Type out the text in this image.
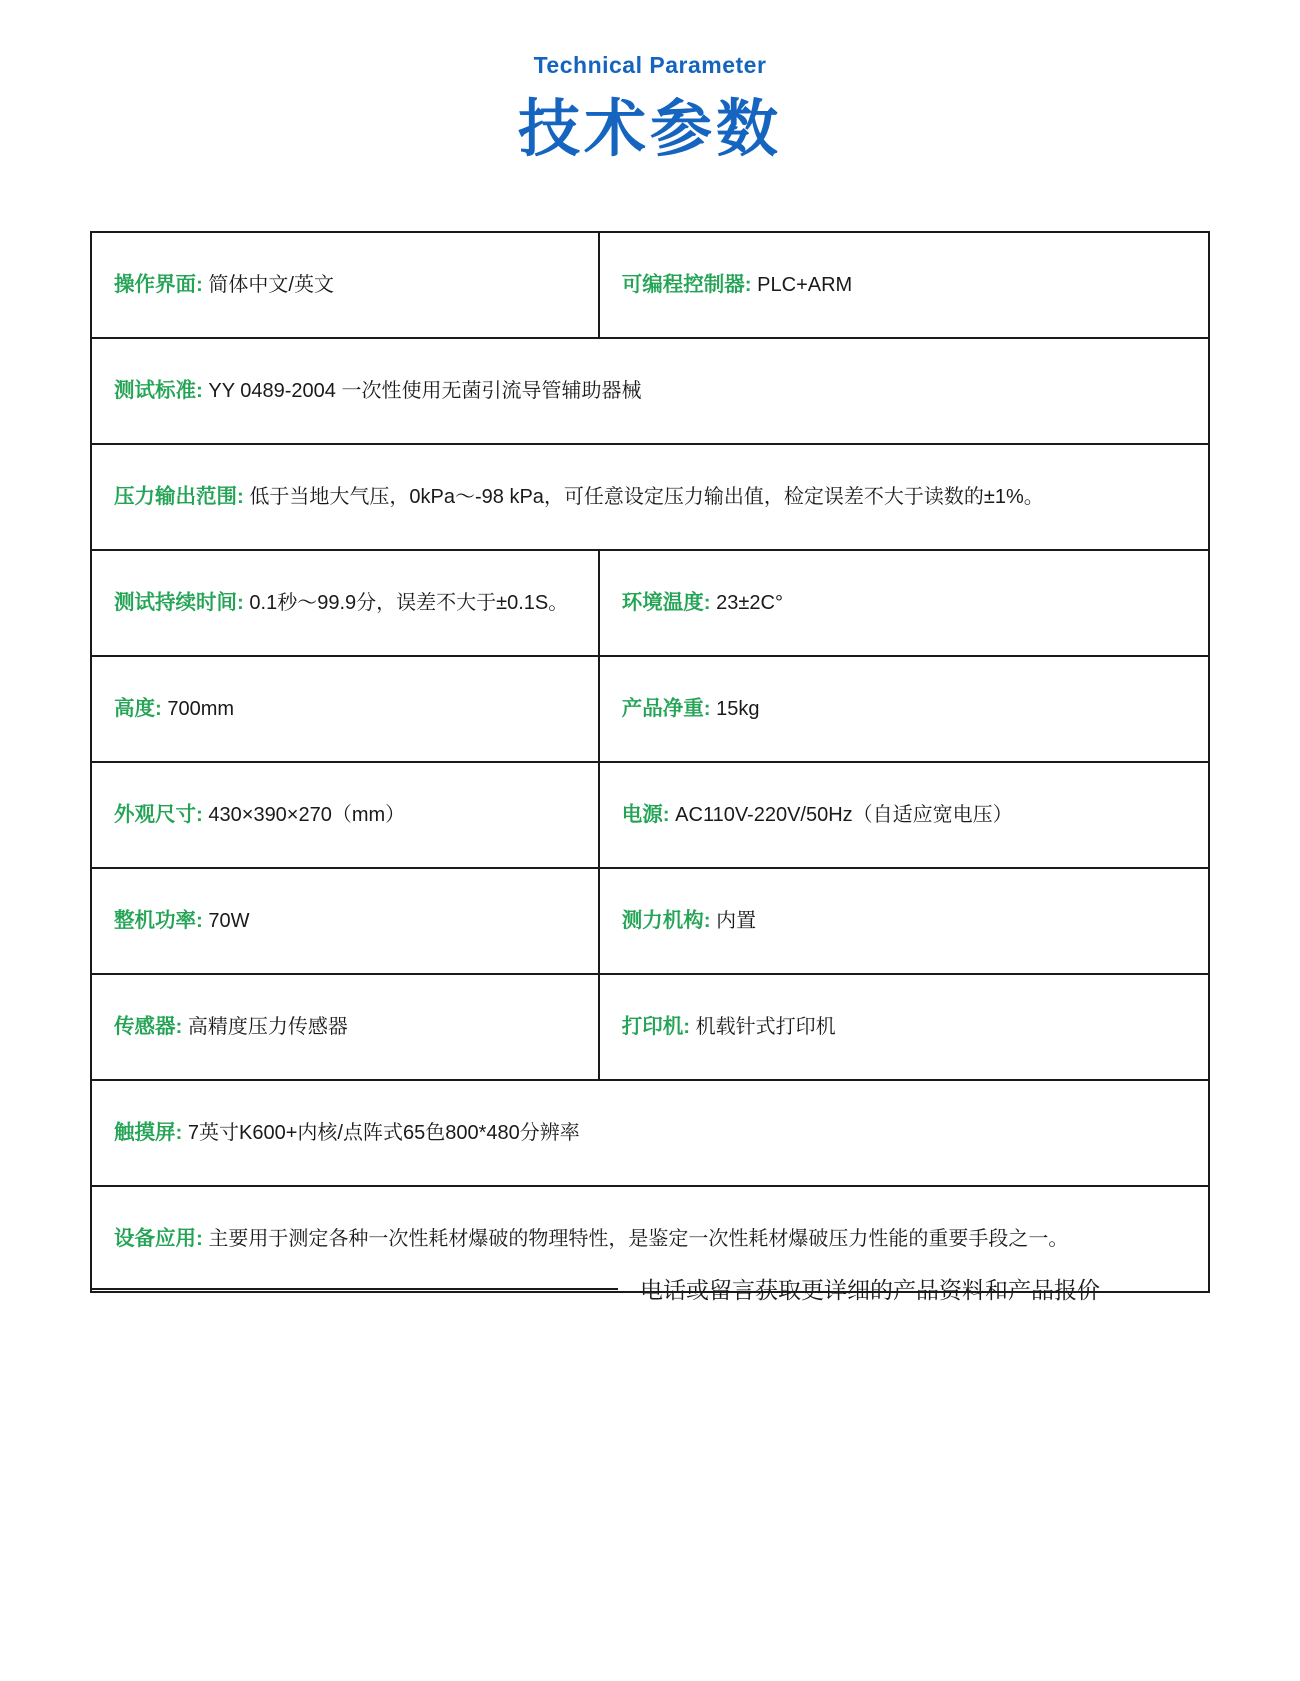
Technical Parameter
技术参数
操作界面: 简体中文/英文	可编程控制器: PLC+ARM
测试标准: YY 0489-2004 一次性使用无菌引流导管辅助器械
压力输出范围: 低于当地大气压，0kPa～-98 kPa，可任意设定压力输出值，检定误差不大于读数的±1%。
测试持续时间: 0.1秒～99.9分，误差不大于±0.1S。	环境温度: 23±2C°
高度: 700mm	产品净重: 15kg
外观尺寸: 430×390×270（mm）	电源: AC110V-220V/50Hz（自适应宽电压）
整机功率: 70W	测力机构: 内置
传感器: 高精度压力传感器	打印机: 机载针式打印机
触摸屏: 7英寸K600+内核/点阵式65色800*480分辨率
设备应用: 主要用于测定各种一次性耗材爆破的物理特性，是鉴定一次性耗材爆破压力性能的重要手段之一。
电话或留言获取更详细的产品资料和产品报价
